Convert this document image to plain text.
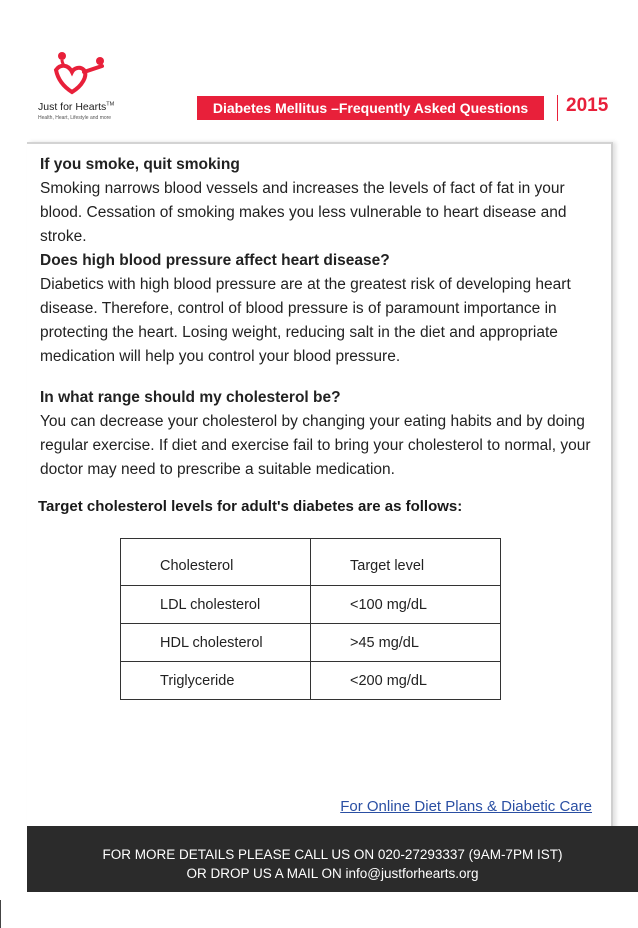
Just for Hearts™
Health, Heart, Lifestyle and more
Diabetes Mellitus –Frequently Asked Questions	2015
If you smoke, quit smoking

Smoking narrows blood vessels and increases the levels of fact of fat in your blood. Cessation of smoking makes you less vulnerable to heart disease and stroke.

Does high blood pressure affect heart disease?

Diabetics with high blood pressure are at the greatest risk of developing heart disease. Therefore, control of blood pressure is of paramount importance in protecting the heart. Losing weight, reducing salt in the diet and appropriate medication will help you control your blood pressure.

In what range should my cholesterol be?

You can decrease your cholesterol by changing your eating habits and by doing regular exercise. If diet and exercise fail to bring your cholesterol to normal, your doctor may need to prescribe a suitable medication.

Target cholesterol levels for adult's diabetes are as follows:
Cholesterol	Target level
LDL cholesterol	<100 mg/dL
HDL cholesterol	>45 mg/dL
Triglyceride	<200 mg/dL
For Online Diet Plans & Diabetic Care
FOR MORE DETAILS PLEASE CALL US ON 020-27293337 (9AM-7PM IST)
OR DROP US A MAIL ON info@justforhearts.org
